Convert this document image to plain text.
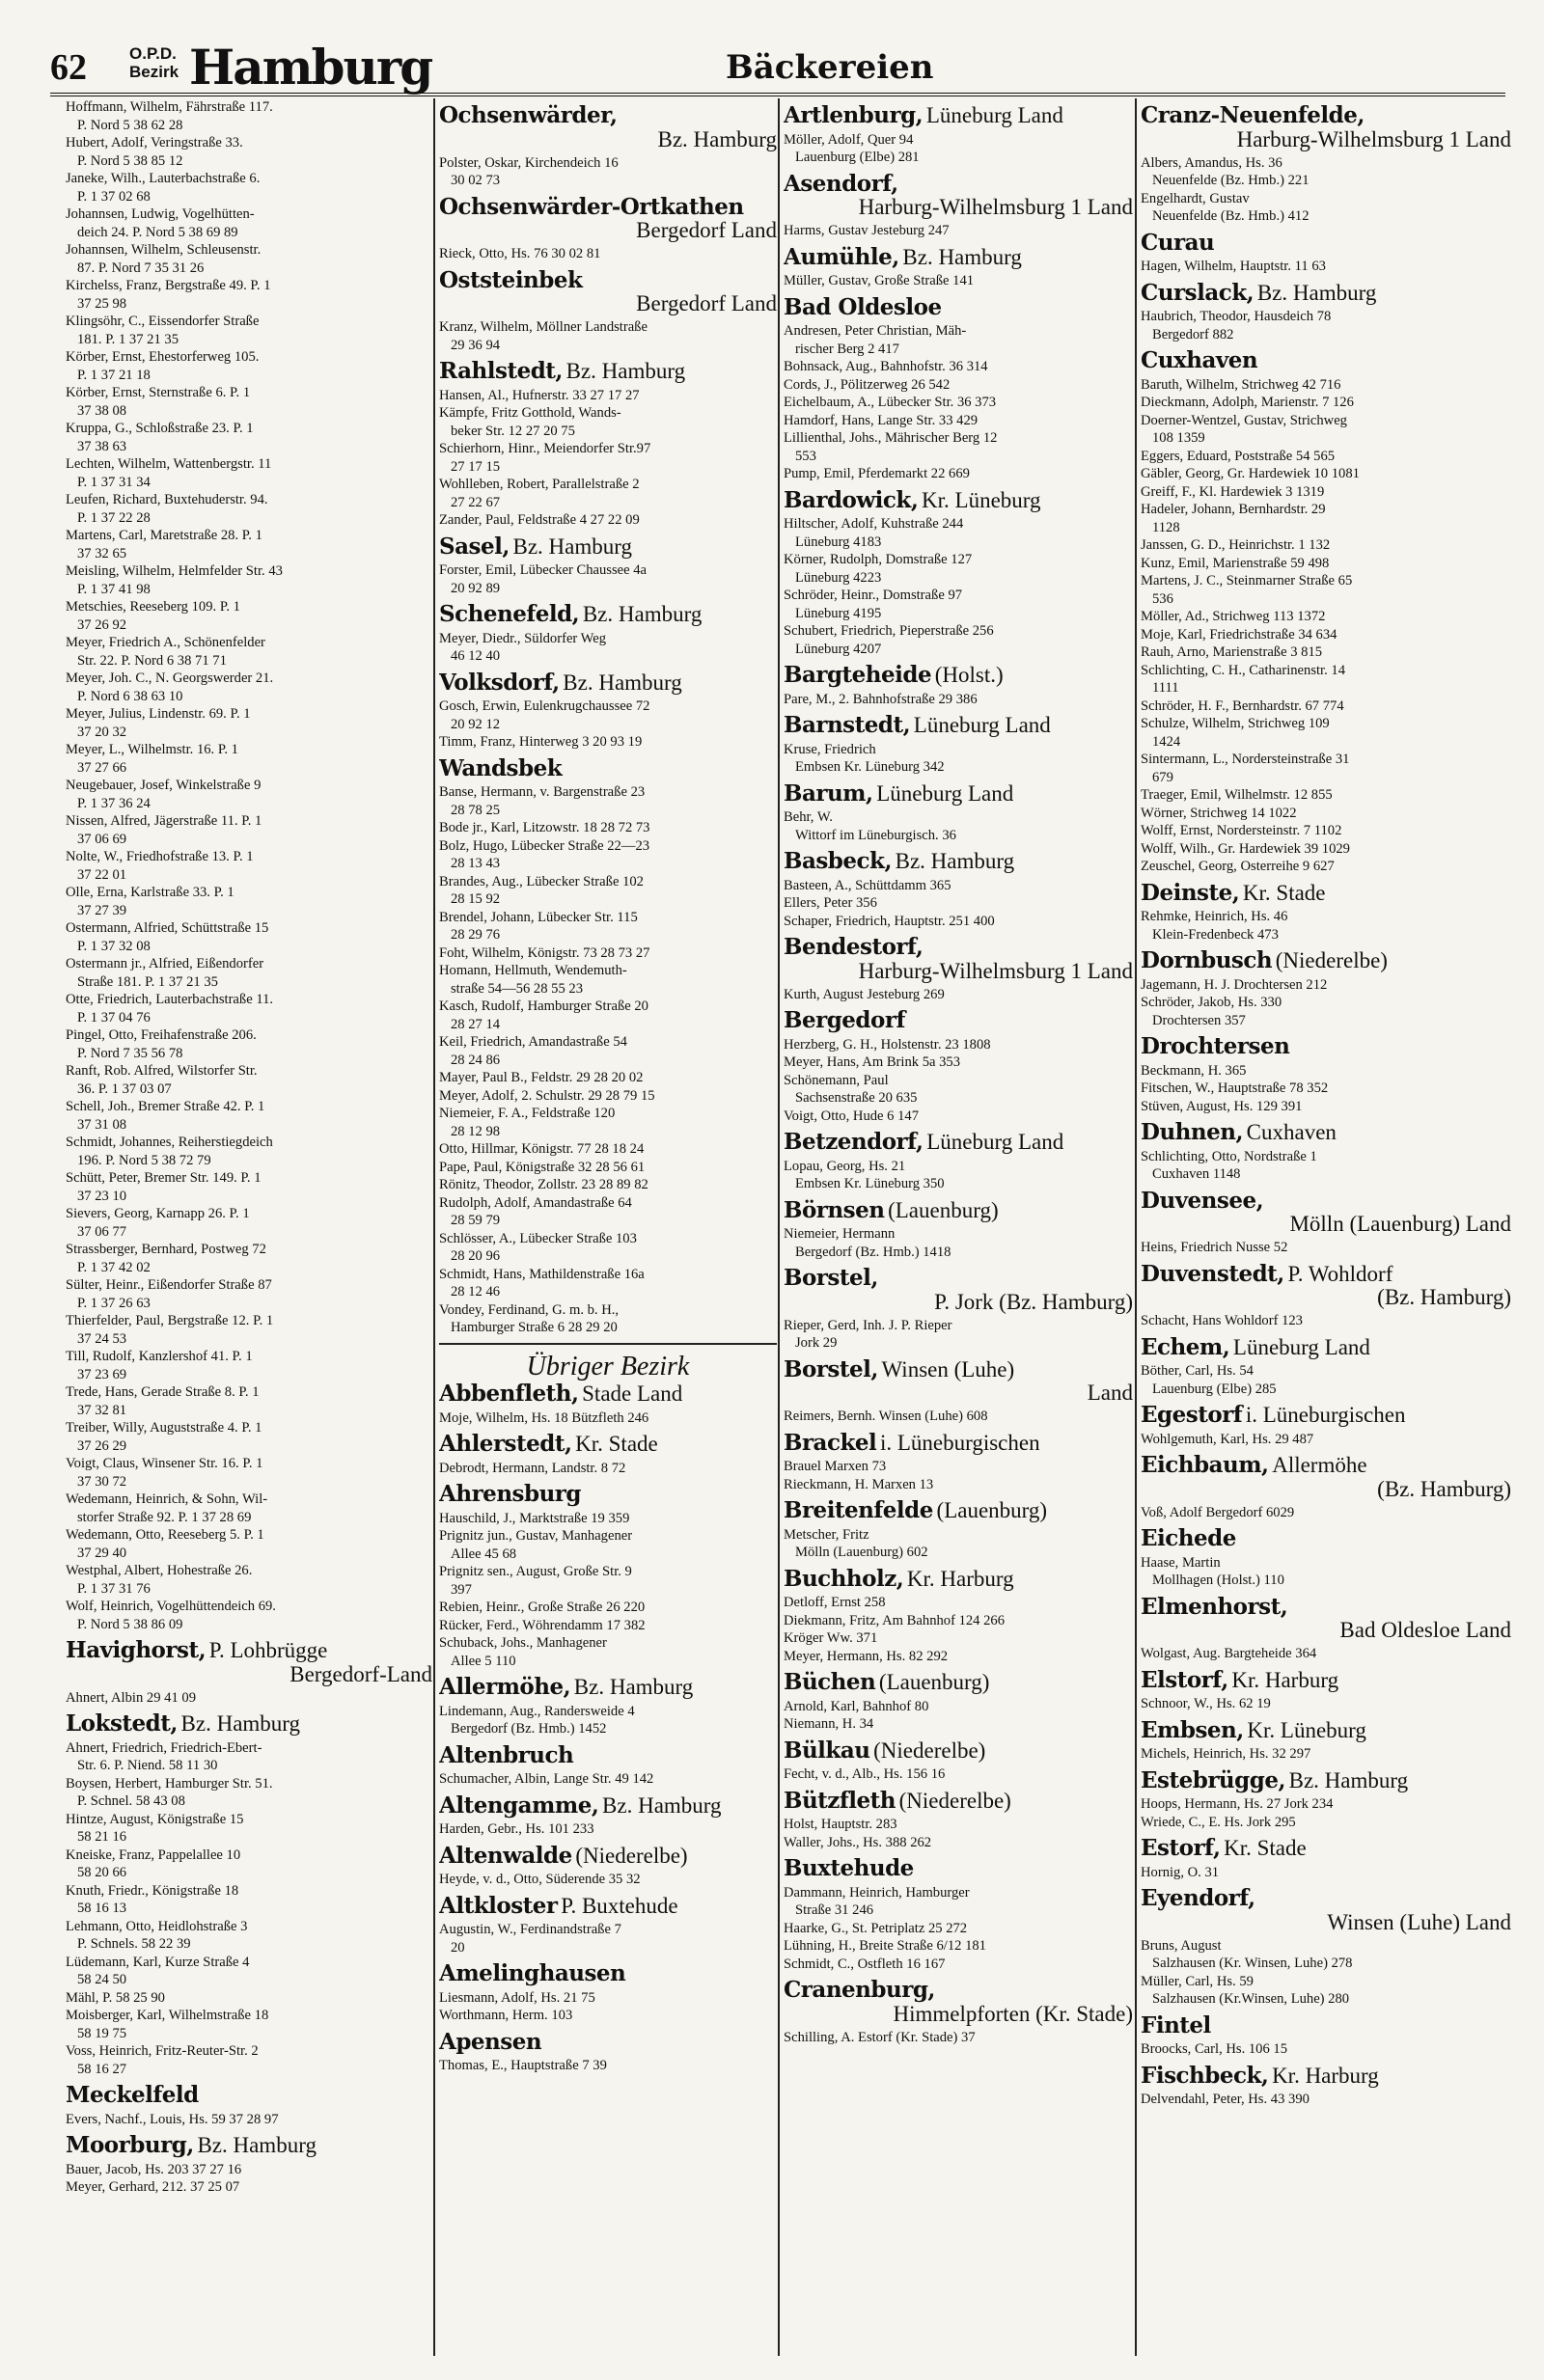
62	O.P.D.
Bezirk Hamburg	Bäckereien

Hoffmann, Wilhelm, Fährstraße 117.
P. Nord 5 38 62 28

Hubert, Adolf, Veringstraße 33.
P. Nord 5 38 85 12

Janeke, Wilh., Lauterbachstraße 6.
P. 1 37 02 68

Johannsen, Ludwig, Vogelhütten-
deich 24. P. Nord 5 38 69 89

Johannsen, Wilhelm, Schleusenstr.
87. P. Nord 7 35 31 26

Kirchelss, Franz, Bergstraße 49. P. 1
37 25 98

Klingsöhr, C., Eissendorfer Straße
181. P. 1 37 21 35

Körber, Ernst, Ehestorferweg 105.
P. 1 37 21 18

Körber, Ernst, Sternstraße 6. P. 1
37 38 08

Kruppa, G., Schloßstraße 23. P. 1
37 38 63

Lechten, Wilhelm, Wattenbergstr. 11
P. 1 37 31 34

Leufen, Richard, Buxtehuderstr. 94.
P. 1 37 22 28

Martens, Carl, Maretstraße 28. P. 1
37 32 65

Meisling, Wilhelm, Helmfelder Str. 43
P. 1 37 41 98

Metschies, Reeseberg 109. P. 1
37 26 92

Meyer, Friedrich A., Schönenfelder
Str. 22. P. Nord 6 38 71 71

Meyer, Joh. C., N. Georgswerder 21.
P. Nord 6 38 63 10

Meyer, Julius, Lindenstr. 69. P. 1
37 20 32

Meyer, L., Wilhelmstr. 16. P. 1
37 27 66

Neugebauer, Josef, Winkelstraße 9
P. 1 37 36 24

Nissen, Alfred, Jägerstraße 11. P. 1
37 06 69

Nolte, W., Friedhofstraße 13. P. 1
37 22 01

Olle, Erna, Karlstraße 33. P. 1
37 27 39

Ostermann, Alfried, Schüttstraße 15
P. 1 37 32 08

Ostermann jr., Alfried, Eißendorfer
Straße 181. P. 1 37 21 35

Otte, Friedrich, Lauterbachstraße 11.
P. 1 37 04 76

Pingel, Otto, Freihafenstraße 206.
P. Nord 7 35 56 78

Ranft, Rob. Alfred, Wilstorfer Str.
36. P. 1 37 03 07

Schell, Joh., Bremer Straße 42. P. 1
37 31 08

Schmidt, Johannes, Reiherstiegdeich
196. P. Nord 5 38 72 79

Schütt, Peter, Bremer Str. 149. P. 1
37 23 10

Sievers, Georg, Karnapp 26. P. 1
37 06 77

Strassberger, Bernhard, Postweg 72
P. 1 37 42 02

Sülter, Heinr., Eißendorfer Straße 87
P. 1 37 26 63

Thierfelder, Paul, Bergstraße 12. P. 1
37 24 53

Till, Rudolf, Kanzlershof 41. P. 1
37 23 69

Trede, Hans, Gerade Straße 8. P. 1
37 32 81

Treiber, Willy, Auguststraße 4. P. 1
37 26 29

Voigt, Claus, Winsener Str. 16. P. 1
37 30 72

Wedemann, Heinrich, & Sohn, Wil-
storfer Straße 92. P. 1 37 28 69

Wedemann, Otto, Reeseberg 5. P. 1
37 29 40

Westphal, Albert, Hohestraße 26.
P. 1 37 31 76

Wolf, Heinrich, Vogelhüttendeich 69.
P. Nord 5 38 86 09

Havighorst, P. Lohbrügge
Bergedorf-Land

Ahnert, Albin 29 41 09

Lokstedt, Bz. Hamburg

Ahnert, Friedrich, Friedrich-Ebert-
Str. 6. P. Niend. 58 11 30

Boysen, Herbert, Hamburger Str. 51.
P. Schnel. 58 43 08

Hintze, August, Königstraße 15
58 21 16

Kneiske, Franz, Pappelallee 10
58 20 66

Knuth, Friedr., Königstraße 18
58 16 13

Lehmann, Otto, Heidlohstraße 3
P. Schnels. 58 22 39

Lüdemann, Karl, Kurze Straße 4
58 24 50

Mähl, P. 58 25 90

Moisberger, Karl, Wilhelmstraße 18
58 19 75

Voss, Heinrich, Fritz-Reuter-Str. 2
58 16 27

Meckelfeld

Evers, Nachf., Louis, Hs. 59 37 28 97

Moorburg, Bz. Hamburg

Bauer, Jacob, Hs. 203 37 27 16

Meyer, Gerhard, 212. 37 25 07

Ochsenwärder,
Bz. Hamburg

Polster, Oskar, Kirchendeich 16
30 02 73

Ochsenwärder-Ortkathen
Bergedorf Land

Rieck, Otto, Hs. 76 30 02 81

Oststeinbek
Bergedorf Land

Kranz, Wilhelm, Möllner Landstraße
29 36 94

Rahlstedt, Bz. Hamburg

Hansen, Al., Hufnerstr. 33 27 17 27

Kämpfe, Fritz Gotthold, Wands-
beker Str. 12 27 20 75

Schierhorn, Hinr., Meiendorfer Str.97
27 17 15

Wohlleben, Robert, Parallelstraße 2
27 22 67

Zander, Paul, Feldstraße 4 27 22 09

Sasel, Bz. Hamburg

Forster, Emil, Lübecker Chaussee 4a
20 92 89

Schenefeld, Bz. Hamburg

Meyer, Diedr., Süldorfer Weg
46 12 40

Volksdorf, Bz. Hamburg

Gosch, Erwin, Eulenkrugchaussee 72
20 92 12

Timm, Franz, Hinterweg 3 20 93 19

Wandsbek

Banse, Hermann, v. Bargenstraße 23
28 78 25

Bode jr., Karl, Litzowstr. 18 28 72 73

Bolz, Hugo, Lübecker Straße 22—23
28 13 43

Brandes, Aug., Lübecker Straße 102
28 15 92

Brendel, Johann, Lübecker Str. 115
28 29 76

Foht, Wilhelm, Königstr. 73 28 73 27

Homann, Hellmuth, Wendemuth-
straße 54—56 28 55 23

Kasch, Rudolf, Hamburger Straße 20
28 27 14

Keil, Friedrich, Amandastraße 54
28 24 86

Mayer, Paul B., Feldstr. 29 28 20 02

Meyer, Adolf, 2. Schulstr. 29 28 79 15

Niemeier, F. A., Feldstraße 120
28 12 98

Otto, Hillmar, Königstr. 77 28 18 24

Pape, Paul, Königstraße 32 28 56 61

Rönitz, Theodor, Zollstr. 23 28 89 82

Rudolph, Adolf, Amandastraße 64
28 59 79

Schlösser, A., Lübecker Straße 103
28 20 96

Schmidt, Hans, Mathildenstraße 16a
28 12 46

Vondey, Ferdinand, G. m. b. H.,
Hamburger Straße 6 28 29 20

Übriger Bezirk
Abbenfleth, Stade Land

Moje, Wilhelm, Hs. 18 Bützfleth 246

Ahlerstedt, Kr. Stade

Debrodt, Hermann, Landstr. 8 72

Ahrensburg

Hauschild, J., Marktstraße 19 359

Prignitz jun., Gustav, Manhagener
Allee 45 68

Prignitz sen., August, Große Str. 9
397

Rebien, Heinr., Große Straße 26 220

Rücker, Ferd., Wöhrendamm 17 382

Schuback, Johs., Manhagener
Allee 5 110

Allermöhe, Bz. Hamburg

Lindemann, Aug., Randersweide 4
Bergedorf (Bz. Hmb.) 1452

Altenbruch

Schumacher, Albin, Lange Str. 49 142

Altengamme, Bz. Hamburg

Harden, Gebr., Hs. 101 233

Altenwalde (Niederelbe)

Heyde, v. d., Otto, Süderende 35 32

Altkloster P. Buxtehude

Augustin, W., Ferdinandstraße 7
20

Amelinghausen

Liesmann, Adolf, Hs. 21 75

Worthmann, Herm. 103

Apensen

Thomas, E., Hauptstraße 7 39

Artlenburg, Lüneburg Land

Möller, Adolf, Quer 94
Lauenburg (Elbe) 281

Asendorf,
Harburg-Wilhelmsburg 1 Land

Harms, Gustav Jesteburg 247

Aumühle, Bz. Hamburg

Müller, Gustav, Große Straße 141

Bad Oldesloe

Andresen, Peter Christian, Mäh-
rischer Berg 2 417

Bohnsack, Aug., Bahnhofstr. 36 314

Cords, J., Pölitzerweg 26 542

Eichelbaum, A., Lübecker Str. 36 373

Hamdorf, Hans, Lange Str. 33 429

Lillienthal, Johs., Mährischer Berg 12
553

Pump, Emil, Pferdemarkt 22 669

Bardowick, Kr. Lüneburg

Hiltscher, Adolf, Kuhstraße 244
Lüneburg 4183

Körner, Rudolph, Domstraße 127
Lüneburg 4223

Schröder, Heinr., Domstraße 97
Lüneburg 4195

Schubert, Friedrich, Pieperstraße 256
Lüneburg 4207

Bargteheide (Holst.)

Pare, M., 2. Bahnhofstraße 29 386

Barnstedt, Lüneburg Land

Kruse, Friedrich
Embsen Kr. Lüneburg 342

Barum, Lüneburg Land

Behr, W.
Wittorf im Lüneburgisch. 36

Basbeck, Bz. Hamburg

Basteen, A., Schüttdamm 365

Ellers, Peter 356

Schaper, Friedrich, Hauptstr. 251 400

Bendestorf,
Harburg-Wilhelmsburg 1 Land

Kurth, August Jesteburg 269

Bergedorf

Herzberg, G. H., Holstenstr. 23 1808

Meyer, Hans, Am Brink 5a 353

Schönemann, Paul
Sachsenstraße 20 635

Voigt, Otto, Hude 6 147

Betzendorf, Lüneburg Land

Lopau, Georg, Hs. 21
Embsen Kr. Lüneburg 350

Börnsen (Lauenburg)

Niemeier, Hermann
Bergedorf (Bz. Hmb.) 1418

Borstel,
P. Jork (Bz. Hamburg)

Rieper, Gerd, Inh. J. P. Rieper
Jork 29

Borstel, Winsen (Luhe)
Land

Reimers, Bernh. Winsen (Luhe) 608

Brackel i. Lüneburgischen

Brauel Marxen 73

Rieckmann, H. Marxen 13

Breitenfelde (Lauenburg)

Metscher, Fritz
Mölln (Lauenburg) 602

Buchholz, Kr. Harburg

Detloff, Ernst 258

Diekmann, Fritz, Am Bahnhof 124 266

Kröger Ww. 371

Meyer, Hermann, Hs. 82 292

Büchen (Lauenburg)

Arnold, Karl, Bahnhof 80

Niemann, H. 34

Bülkau (Niederelbe)

Fecht, v. d., Alb., Hs. 156 16

Bützfleth (Niederelbe)

Holst, Hauptstr. 283

Waller, Johs., Hs. 388 262

Buxtehude

Dammann, Heinrich, Hamburger
Straße 31 246

Haarke, G., St. Petriplatz 25 272

Lühning, H., Breite Straße 6/12 181

Schmidt, C., Ostfleth 16 167

Cranenburg,
Himmelpforten (Kr. Stade)

Schilling, A. Estorf (Kr. Stade) 37

Cranz-Neuenfelde,
Harburg-Wilhelmsburg 1 Land

Albers, Amandus, Hs. 36
Neuenfelde (Bz. Hmb.) 221

Engelhardt, Gustav
Neuenfelde (Bz. Hmb.) 412

Curau

Hagen, Wilhelm, Hauptstr. 11 63

Curslack, Bz. Hamburg

Haubrich, Theodor, Hausdeich 78
Bergedorf 882

Cuxhaven

Baruth, Wilhelm, Strichweg 42 716

Dieckmann, Adolph, Marienstr. 7 126

Doerner-Wentzel, Gustav, Strichweg
108 1359

Eggers, Eduard, Poststraße 54 565

Gäbler, Georg, Gr. Hardewiek 10 1081

Greiff, F., Kl. Hardewiek 3 1319

Hadeler, Johann, Bernhardstr. 29
1128

Janssen, G. D., Heinrichstr. 1 132

Kunz, Emil, Marienstraße 59 498

Martens, J. C., Steinmarner Straße 65
536

Möller, Ad., Strichweg 113 1372

Moje, Karl, Friedrichstraße 34 634

Rauh, Arno, Marienstraße 3 815

Schlichting, C. H., Catharinenstr. 14
1111

Schröder, H. F., Bernhardstr. 67 774

Schulze, Wilhelm, Strichweg 109
1424

Sintermann, L., Nordersteinstraße 31
679

Traeger, Emil, Wilhelmstr. 12 855

Wörner, Strichweg 14 1022

Wolff, Ernst, Nordersteinstr. 7 1102

Wolff, Wilh., Gr. Hardewiek 39 1029

Zeuschel, Georg, Osterreihe 9 627

Deinste, Kr. Stade

Rehmke, Heinrich, Hs. 46
Klein-Fredenbeck 473

Dornbusch (Niederelbe)

Jagemann, H. J. Drochtersen 212

Schröder, Jakob, Hs. 330
Drochtersen 357

Drochtersen

Beckmann, H. 365

Fitschen, W., Hauptstraße 78 352

Stüven, August, Hs. 129 391

Duhnen, Cuxhaven

Schlichting, Otto, Nordstraße 1
Cuxhaven 1148

Duvensee,
Mölln (Lauenburg) Land

Heins, Friedrich Nusse 52

Duvenstedt, P. Wohldorf
(Bz. Hamburg)

Schacht, Hans Wohldorf 123

Echem, Lüneburg Land

Böther, Carl, Hs. 54
Lauenburg (Elbe) 285

Egestorf i. Lüneburgischen

Wohlgemuth, Karl, Hs. 29 487

Eichbaum, Allermöhe
(Bz. Hamburg)

Voß, Adolf Bergedorf 6029

Eichede

Haase, Martin
Mollhagen (Holst.) 110

Elmenhorst,
Bad Oldesloe Land

Wolgast, Aug. Bargteheide 364

Elstorf, Kr. Harburg

Schnoor, W., Hs. 62 19

Embsen, Kr. Lüneburg

Michels, Heinrich, Hs. 32 297

Estebrügge, Bz. Hamburg

Hoops, Hermann, Hs. 27 Jork 234

Wriede, C., E. Hs. Jork 295

Estorf, Kr. Stade

Hornig, O. 31

Eyendorf,
Winsen (Luhe) Land

Bruns, August
Salzhausen (Kr. Winsen, Luhe) 278

Müller, Carl, Hs. 59
Salzhausen (Kr.Winsen, Luhe) 280

Fintel

Broocks, Carl, Hs. 106 15

Fischbeck, Kr. Harburg

Delvendahl, Peter, Hs. 43 390
